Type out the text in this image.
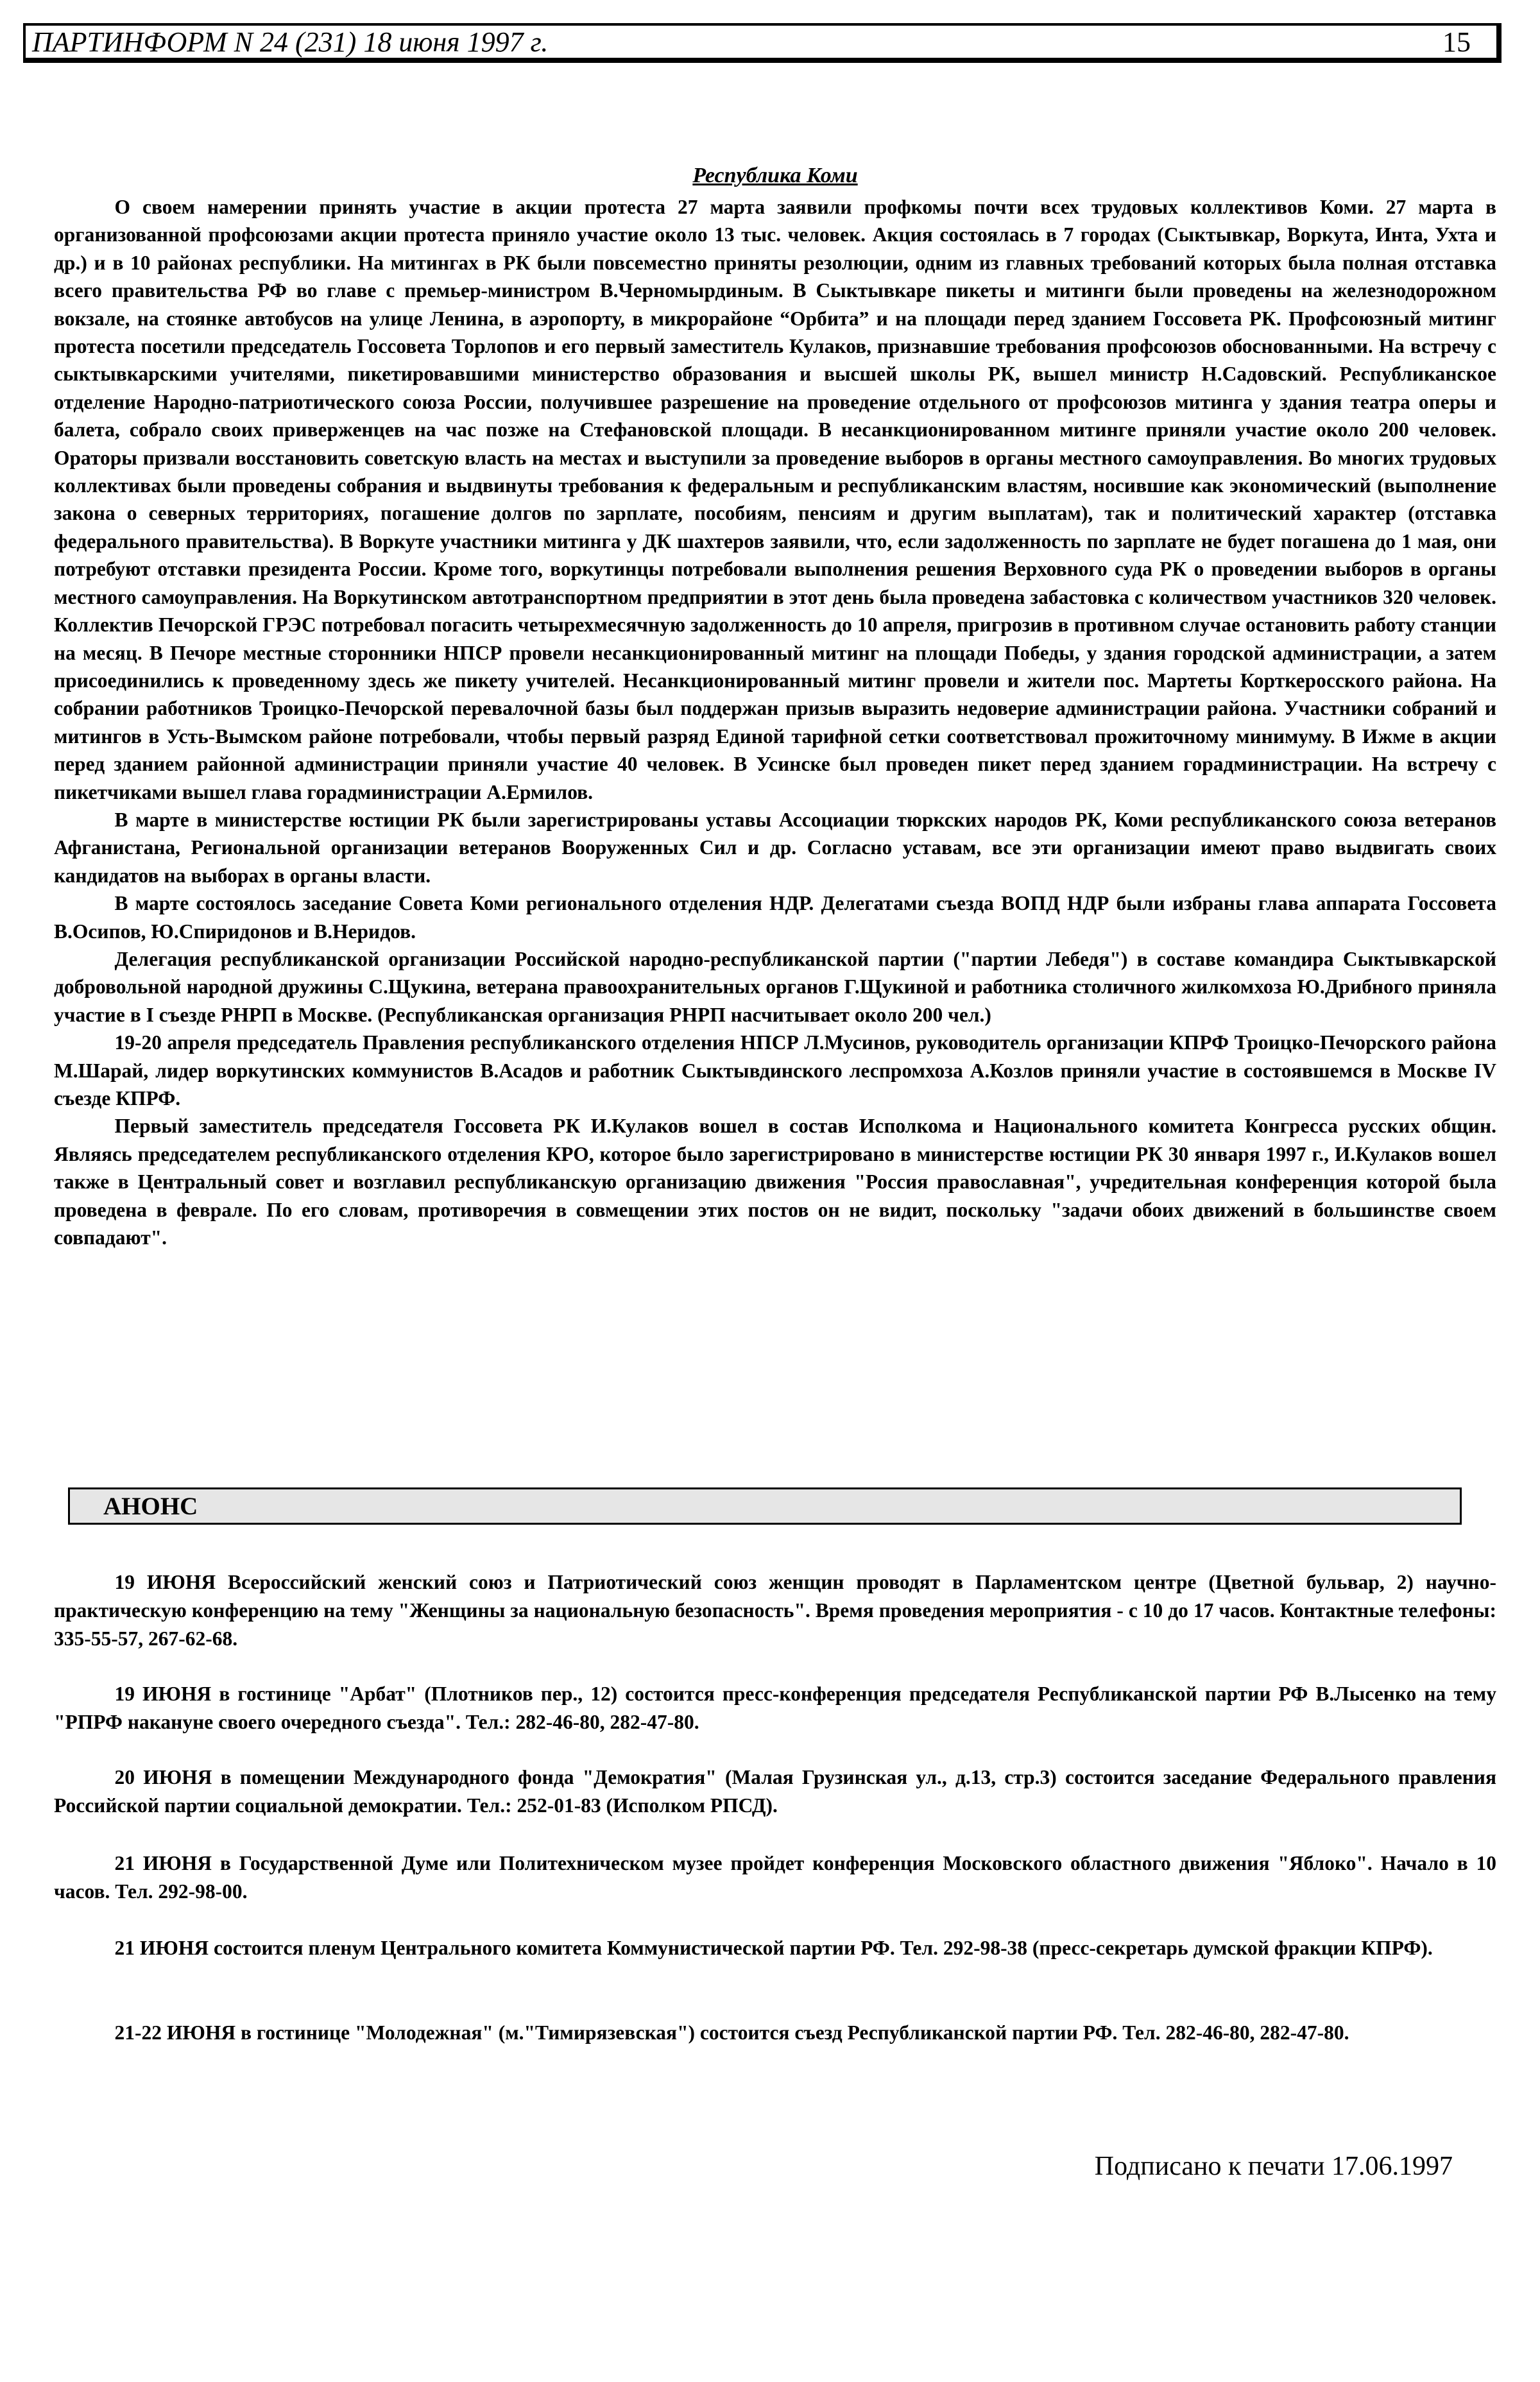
ПАРТИНФОРМ N 24 (231) 18 июня 1997 г.	15
Республика Коми

О своем намерении принять участие в акции протеста 27 марта заявили профкомы почти всех трудовых коллективов Коми. 27 марта в организованной профсоюзами акции протеста приняло участие около 13 тыс. человек. Акция состоялась в 7 городах (Сыктывкар, Воркута, Инта, Ухта и др.) и в 10 районах республики. На митингах в РК были повсеместно приняты резолюции, одним из главных требований которых была полная отставка всего правительства РФ во главе с премьер-министром В.Черномырдиным. В Сыктывкаре пикеты и митинги были проведены на железнодорожном вокзале, на стоянке автобусов на улице Ленина, в аэропорту, в микрорайоне “Орбита” и на площади перед зданием Госсовета РК. Профсоюзный митинг протеста посетили председатель Госсовета Торлопов и его первый заместитель Кулаков, признавшие требования профсоюзов обоснованными. На встречу с сыктывкарскими учителями, пикетировавшими министерство образования и высшей школы РК, вышел министр Н.Садовский. Республиканское отделение Народно-патриотического союза России, получившее разрешение на проведение отдельного от профсоюзов митинга у здания театра оперы и балета, собрало своих приверженцев на час позже на Стефановской площади. В несанкционированном митинге приняли участие около 200 человек. Ораторы призвали восстановить советскую власть на местах и выступили за проведение выборов в органы местного самоуправления. Во многих трудовых коллективах были проведены собрания и выдвинуты требования к федеральным и республиканским властям, носившие как экономический (выполнение закона о северных территориях, погашение долгов по зарплате, пособиям, пенсиям и другим выплатам), так и политический характер (отставка федерального правительства). В Воркуте участники митинга у ДК шахтеров заявили, что, если задолженность по зарплате не будет погашена до 1 мая, они потребуют отставки президента России. Кроме того, воркутинцы потребовали выполнения решения Верховного суда РК о проведении выборов в органы местного самоуправления. На Воркутинском автотранспортном предприятии в этот день была проведена забастовка с количеством участников 320 человек. Коллектив Печорской ГРЭС потребовал погасить четырехмесячную задолженность до 10 апреля, пригрозив в противном случае остановить работу станции на месяц. В Печоре местные сторонники НПСР провели несанкционированный митинг на площади Победы, у здания городской администрации, а затем присоединились к проведенному здесь же пикету учителей. Несанкционированный митинг провели и жители пос. Мартеты Корткеросского района. На собрании работников Троицко-Печорской перевалочной базы был поддержан призыв выразить недоверие администрации района. Участники собраний и митингов в Усть-Вымском районе потребовали, чтобы первый разряд Единой тарифной сетки соответствовал прожиточному минимуму. В Ижме в акции перед зданием районной администрации приняли участие 40 человек. В Усинске был проведен пикет перед зданием горадминистрации. На встречу с пикетчиками вышел глава горадминистрации А.Ермилов.

В марте в министерстве юстиции РК были зарегистрированы уставы Ассоциации тюркских народов РК, Коми республиканского союза ветеранов Афганистана, Региональной организации ветеранов Вооруженных Сил и др. Согласно уставам, все эти организации имеют право выдвигать своих кандидатов на выборах в органы власти.

В марте состоялось заседание Совета Коми регионального отделения НДР. Делегатами съезда ВОПД НДР были избраны глава аппарата Госсовета В.Осипов, Ю.Спиридонов и В.Неридов.

Делегация республиканской организации Российской народно-республиканской партии ("партии Лебедя") в составе командира Сыктывкарской добровольной народной дружины С.Щукина, ветерана правоохранительных органов Г.Щукиной и работника столичного жилкомхоза Ю.Дрибного приняла участие в I съезде РНРП в Москве. (Республиканская организация РНРП насчитывает около 200 чел.)

19-20 апреля председатель Правления республиканского отделения НПСР Л.Мусинов, руководитель организации КПРФ Троицко-Печорского района М.Шарай, лидер воркутинских коммунистов В.Асадов и работник Сыктывдинского леспромхоза А.Козлов приняли участие в состоявшемся в Москве IV съезде КПРФ.

Первый заместитель председателя Госсовета РК И.Кулаков вошел в состав Исполкома и Национального комитета Конгресса русских общин. Являясь председателем республиканского отделения КРО, которое было зарегистрировано в министерстве юстиции РК 30 января 1997 г., И.Кулаков вошел также в Центральный совет и возглавил республиканскую организацию движения "Россия православная", учредительная конференция которой была проведена в феврале. По его словам, противоречия в совмещении этих постов он не видит, поскольку "задачи обоих движений в большинстве своем совпадают".

АНОНС

19 ИЮНЯ Всероссийский женский союз и Патриотический союз женщин проводят в Парламентском центре (Цветной бульвар, 2) научно-практическую конференцию на тему "Женщины за национальную безопасность". Время проведения мероприятия - с 10 до 17 часов. Контактные телефоны: 335-55-57, 267-62-68.

19 ИЮНЯ в гостинице "Арбат" (Плотников пер., 12) состоится пресс-конференция председателя Республиканской партии РФ В.Лысенко на тему "РПРФ накануне своего очередного съезда". Тел.: 282-46-80, 282-47-80.

20 ИЮНЯ в помещении Международного фонда "Демократия" (Малая Грузинская ул., д.13, стр.3) состоится заседание Федерального правления Российской партии социальной демократии. Тел.: 252-01-83 (Исполком РПСД).

21 ИЮНЯ в Государственной Думе или Политехническом музее пройдет конференция Московского областного движения "Яблоко". Начало в 10 часов. Тел. 292-98-00.

21 ИЮНЯ состоится пленум Центрального комитета Коммунистической партии РФ. Тел. 292-98-38 (пресс-секретарь думской фракции КПРФ).

21-22 ИЮНЯ в гостинице "Молодежная" (м."Тимирязевская") состоится съезд Республиканской партии РФ. Тел. 282-46-80, 282-47-80.

Подписано к печати 17.06.1997
